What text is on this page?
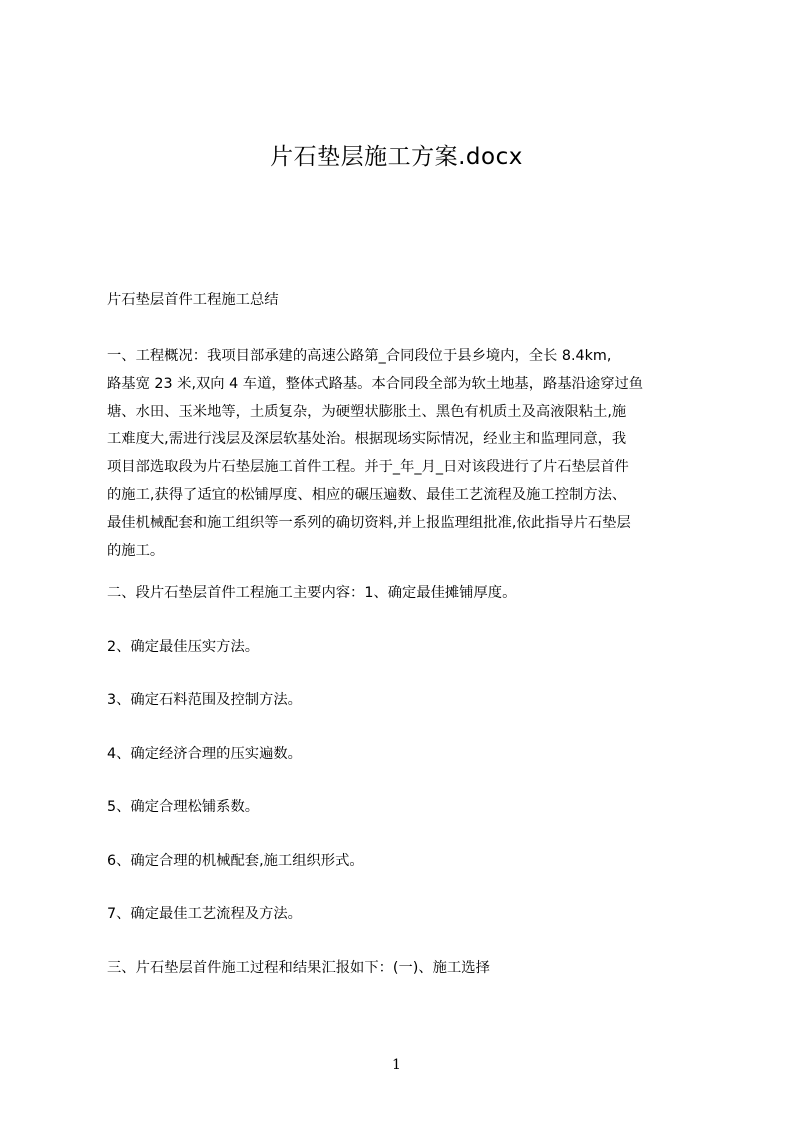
片石垫层施工方案.docx
片石垫层首件工程施工总结
一、工程概况：我项目部承建的高速公路第_合同段位于县乡境内，全长 8.4km,
路基宽 23 米,双向 4 车道，整体式路基。本合同段全部为软土地基，路基沿途穿过鱼
塘、水田、玉米地等，土质复杂，为硬塑状膨胀土、黑色有机质土及高液限粘土,施
工难度大,需进行浅层及深层软基处治。根据现场实际情况，经业主和监理同意，我
项目部选取段为片石垫层施工首件工程。并于_年_月_日对该段进行了片石垫层首件
的施工,获得了适宜的松铺厚度、相应的碾压遍数、最佳工艺流程及施工控制方法、
最佳机械配套和施工组织等一系列的确切资料,并上报监理组批准,依此指导片石垫层
的施工。
二、段片石垫层首件工程施工主要内容：1、确定最佳摊铺厚度。
2、确定最佳压实方法。
3、确定石料范围及控制方法。
4、确定经济合理的压实遍数。
5、确定合理松铺系数。
6、确定合理的机械配套,施工组织形式。
7、确定最佳工艺流程及方法。
三、片石垫层首件施工过程和结果汇报如下：(一)、施工选择
1
